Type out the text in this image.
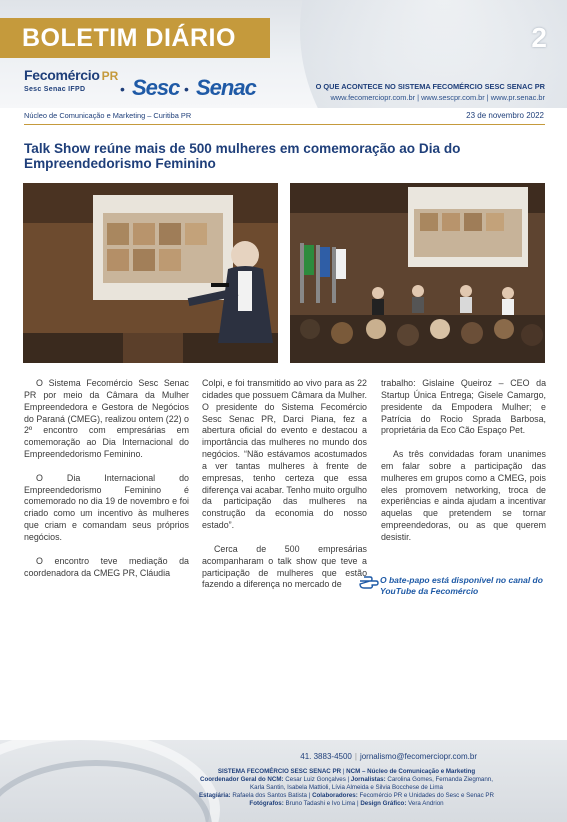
BOLETIM DIÁRIO	2
Fecomércio PR
Sesc Senac IFPD	• Sesc • Senac	O QUE ACONTECE NO SISTEMA FECOMÉRCIO SESC SENAC PR
www.fecomerciopr.com.br | www.sescpr.com.br | www.pr.senac.br
Núcleo de Comunicação e Marketing – Curitiba PR	23 de novembro 2022
Talk Show reúne mais de 500 mulheres em comemoração ao Dia do Empreendedorismo Feminino

O Sistema Fecomércio Sesc Senac PR por meio da Câmara da Mulher Empreendedora e Gestora de Negócios do Paraná (CMEG), realizou ontem (22) o 2º encontro com empresárias em comemoração ao Dia Internacional do Empreendedorismo Feminino.

O Dia Internacional do Empreendedorismo Feminino é comemorado no dia 19 de novembro e foi criado como um incentivo às mulheres que criam e comandam seus próprios negócios.

O encontro teve mediação da coordenadora da CMEG PR, Cláudia

Colpi, e foi transmitido ao vivo para as 22 cidades que possuem Câmara da Mulher. O presidente do Sistema Fecomércio Sesc Senac PR, Darci Piana, fez a abertura oficial do evento e destacou a importância das mulheres no mundo dos negócios. “Não estávamos acostumados a ver tantas mulheres à frente de empresas, tenho certeza que essa diferença vai acabar. Tenho muito orgulho da participação das mulheres na construção da economia do nosso estado”.

Cerca de 500 empresárias acompanharam o talk show que teve a participação de mulheres que estão fazendo a diferença no mercado de

trabalho: Gislaine Queiroz – CEO da Startup Única Entrega; Gisele Camargo, presidente da Empodera Mulher; e Patrícia do Rocio Sprada Barbosa, proprietária da Eco Cão Espaço Pet.

As três convidadas foram unanimes em falar sobre a participação das mulheres em grupos como a CMEG, pois eles promovem networking, troca de experiências e ainda ajudam a incentivar aquelas que pretendem se tornar empreendedoras, ou as que querem desistir.

O bate-papo está disponível no canal do YouTube da Fecomércio
41. 3883-4500 | jornalismo@fecomerciopr.com.br
SISTEMA FECOMÉRCIO SESC SENAC PR | NCM – Núcleo de Comunicação e Marketing
Coordenador Geral do NCM: Cesar Luiz Gonçalves | Jornalistas: Carolina Gomes, Fernanda Ziegmann,
Karla Santin, Isabela Mattioli, Lívia Almeida e Silvia Bocchese de Lima
Estagiária: Rafaela dos Santos Batista | Colaboradores: Fecomércio PR e Unidades do Sesc e Senac PR
Fotógrafos: Bruno Tadashi e Ivo Lima | Design Gráfico: Vera Andrion
